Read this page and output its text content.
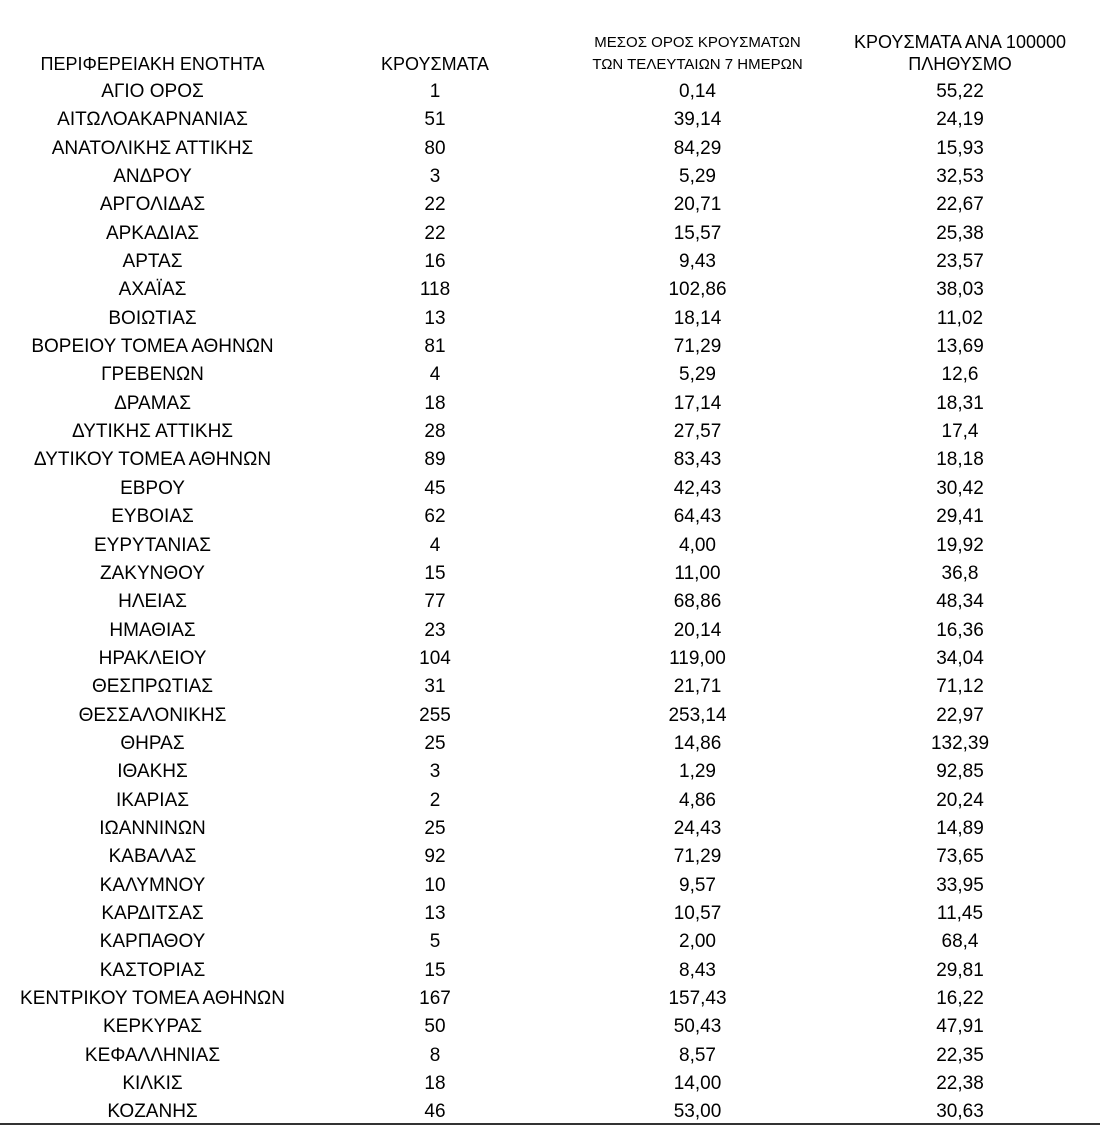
ΠΕΡΙΦΕΡΕΙΑΚΗ ΕΝΟΤΗΤΑ	ΚΡΟΥΣΜΑΤΑ
ΜΕΣΟΣ ΟΡΟΣ ΚΡΟΥΣΜΑΤΩΝ
ΤΩΝ ΤΕΛΕΥΤΑΙΩΝ 7 ΗΜΕΡΩΝ
ΚΡΟΥΣΜΑΤΑ ΑΝΑ 100000
ΠΛΗΘΥΣΜΟ
ΑΓΙΟ ΟΡΟΣ	1	0,14	55,22
ΑΙΤΩΛΟΑΚΑΡΝΑΝΙΑΣ	51	39,14	24,19
ΑΝΑΤΟΛΙΚΗΣ ΑΤΤΙΚΗΣ	80	84,29	15,93
ΑΝΔΡΟΥ	3	5,29	32,53
ΑΡΓΟΛΙΔΑΣ	22	20,71	22,67
ΑΡΚΑΔΙΑΣ	22	15,57	25,38
ΑΡΤΑΣ	16	9,43	23,57
ΑΧΑΪΑΣ	118	102,86	38,03
ΒΟΙΩΤΙΑΣ	13	18,14	11,02
ΒΟΡΕΙΟΥ ΤΟΜΕΑ ΑΘΗΝΩΝ	81	71,29	13,69
ΓΡΕΒΕΝΩΝ	4	5,29	12,6
ΔΡΑΜΑΣ	18	17,14	18,31
ΔΥΤΙΚΗΣ ΑΤΤΙΚΗΣ	28	27,57	17,4
ΔΥΤΙΚΟΥ ΤΟΜΕΑ ΑΘΗΝΩΝ	89	83,43	18,18
ΕΒΡΟΥ	45	42,43	30,42
ΕΥΒΟΙΑΣ	62	64,43	29,41
ΕΥΡΥΤΑΝΙΑΣ	4	4,00	19,92
ΖΑΚΥΝΘΟΥ	15	11,00	36,8
ΗΛΕΙΑΣ	77	68,86	48,34
ΗΜΑΘΙΑΣ	23	20,14	16,36
ΗΡΑΚΛΕΙΟΥ	104	119,00	34,04
ΘΕΣΠΡΩΤΙΑΣ	31	21,71	71,12
ΘΕΣΣΑΛΟΝΙΚΗΣ	255	253,14	22,97
ΘΗΡΑΣ	25	14,86	132,39
ΙΘΑΚΗΣ	3	1,29	92,85
ΙΚΑΡΙΑΣ	2	4,86	20,24
ΙΩΑΝΝΙΝΩΝ	25	24,43	14,89
ΚΑΒΑΛΑΣ	92	71,29	73,65
ΚΑΛΥΜΝΟΥ	10	9,57	33,95
ΚΑΡΔΙΤΣΑΣ	13	10,57	11,45
ΚΑΡΠΑΘΟΥ	5	2,00	68,4
ΚΑΣΤΟΡΙΑΣ	15	8,43	29,81
ΚΕΝΤΡΙΚΟΥ ΤΟΜΕΑ ΑΘΗΝΩΝ	167	157,43	16,22
ΚΕΡΚΥΡΑΣ	50	50,43	47,91
ΚΕΦΑΛΛΗΝΙΑΣ	8	8,57	22,35
ΚΙΛΚΙΣ	18	14,00	22,38
ΚΟΖΑΝΗΣ	46	53,00	30,63
